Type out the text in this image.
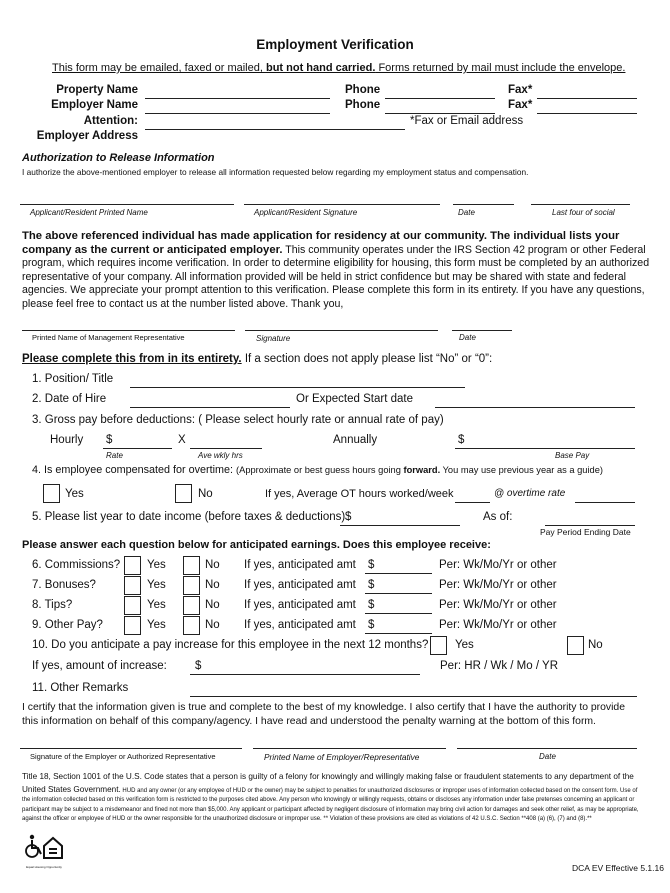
Employment Verification
This form may be emailed, faxed or mailed, but not hand carried. Forms returned by mail must include the envelope.
Property Name	Phone	Fax*
Employer Name	Phone	Fax*
Attention:	*Fax or Email address
Employer Address
Authorization to Release Information
I authorize the above-mentioned employer to release all information requested below regarding my employment status and compensation.
Applicant/Resident Printed Name	Applicant/Resident Signature	Date	Last four of social
The above referenced individual has made application for residency at our community. The individual lists your company as the current or anticipated employer. This community operates under the IRS Section 42 program or other Federal program, which requires income verification. In order to determine eligibility for housing, this form must be completed by an authorized representative of your company. All information provided will be held in strict confidence but may be shared with state and federal agencies. We appreciate your prompt attention to this verification. Please complete this form in its entirety. If you have any questions, please feel free to contact us at the number listed above. Thank you,
Printed Name of Management Representative	Signature	Date
Please complete this from in its entirety. If a section does not apply please list “No” or “0”:
1. Position/ Title
2. Date of Hire	Or Expected Start date
3. Gross pay before deductions: ( Please select hourly rate or annual rate of pay)
Hourly $	X	Annually	$
Rate	Ave wkly hrs	Base Pay
4. Is employee compensated for overtime: (Approximate or best guess hours going forward. You may use previous year as a guide)
Yes	No	If yes, Average OT hours worked/week	@ overtime rate
5. Please list year to date income (before taxes & deductions) $	As of:
Pay Period Ending Date
Please answer each question below for anticipated earnings. Does this employee receive:
6. Commissions? Yes	No If yes, anticipated amt $	Per: Wk/Mo/Yr or other
7. Bonuses?	Yes	No If yes, anticipated amt $	Per: Wk/Mo/Yr or other
8. Tips?	Yes	No If yes, anticipated amt $	Per: Wk/Mo/Yr or other
9. Other Pay?	Yes	No If yes, anticipated amt $	Per: Wk/Mo/Yr or other
10. Do you anticipate a pay increase for this employee in the next 12 months? Yes	No
If yes, amount of increase: $	Per: HR / Wk / Mo / YR
11. Other Remarks
I certify that the information given is true and complete to the best of my knowledge. I also certify that I have the authority to provide this information on behalf of this company/agency. I have read and understood the penalty warning at the bottom of this form.
Signature of the Employer or Authorized Representative	Printed Name of Employer/Representative	Date
Title 18, Section 1001 of the U.S. Code states that a person is guilty of a felony for knowingly and willingly making false or fraudulent statements to any department of the United States Government. HUD and any owner (or any employee of HUD or the owner) may be subject to penalties for unauthorized disclosures or improper uses of information collected based on the consent form. Use of the information collected based on this verification form is restricted to the purposes cited above. Any person who knowingly or willingly requests, obtains or discloses any information under false pretenses concerning an applicant or participant may be subject to a misdemeanor and fined not more than $5,000. Any applicant or participant affected by negligent disclosure of information may bring civil action for damages and seek other relief, as may be appropriate, against the officer or employee of HUD or the owner responsible for the unauthorized disclosure or improper use. ** Violation of these provisions are cited as violations of 42 U.S.C. Section **408 (a) (6), (7) and (8).**
Equal Housing Opportunity	DCA EV Effective 5.1.16
